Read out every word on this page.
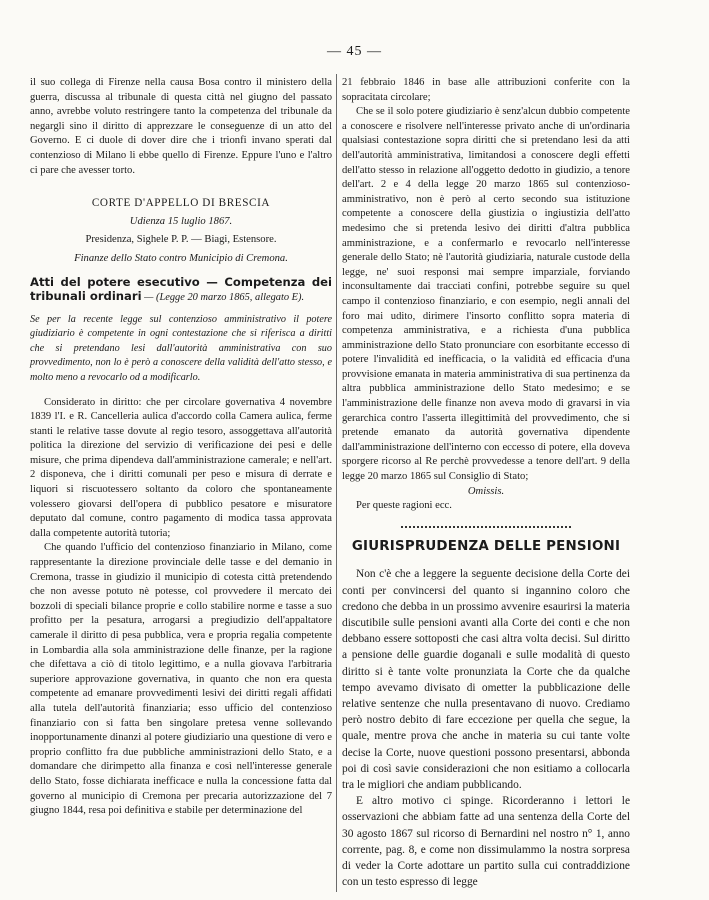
— 45 —

il suo collega di Firenze nella causa Bosa contro il ministero della guerra, discussa al tribunale di questa città nel giugno del passato anno, avrebbe voluto restringere tanto la competenza del tribunale da negargli sino il diritto di apprezzare le conseguenze di un atto del Governo. E ci duole di dover dire che i trionfi invano sperati dal contenzioso di Milano li ebbe quello di Firenze. Eppure l'uno e l'altro ci pare che avesser torto.

CORTE D'APPELLO DI BRESCIA

Udienza 15 luglio 1867.

Presidenza, Sighele P. P. — Biagi, Estensore.

Finanze dello Stato contro Municipio di Cremona.

Atti del potere esecutivo — Competenza dei tribunali ordinari — (Legge 20 marzo 1865, allegato E).

Se per la recente legge sul contenzioso amministrativo il potere giudiziario è competente in ogni contestazione che si riferisca a diritti che si pretendano lesi dall'autorità amministrativa con suo provvedimento, non lo è però a conoscere della validità dell'atto stesso, e molto meno a revocarlo od a modificarlo.

Considerato in diritto: che per circolare governativa 4 novembre 1839 l'I. e R. Cancelleria aulica d'accordo colla Camera aulica, ferme stanti le relative tasse dovute al regio tesoro, assoggettava all'autorità politica la direzione del servizio di verificazione dei pesi e delle misure, che prima dipendeva dall'amministrazione camerale; e nell'art. 2 disponeva, che i diritti comunali per peso e misura di derrate e liquori si riscuotessero soltanto da coloro che spontaneamente volessero giovarsi dell'opera di pubblico pesatore e misuratore deputato dal comune, contro pagamento di modica tassa approvata dalla competente autorità tutoria;

Che quando l'ufficio del contenzioso finanziario in Milano, come rappresentante la direzione provinciale delle tasse e del demanio in Cremona, trasse in giudizio il municipio di cotesta città pretendendo che non avesse potuto nè potesse, col provvedere il mercato dei bozzoli di speciali bilance proprie e collo stabilire norme e tasse a suo profitto per la pesatura, arrogarsi a pregiudizio dell'appaltatore camerale il diritto di pesa pubblica, vera e propria regalia competente in Lombardia alla sola amministrazione delle finanze, per la ragione che difettava a ciò di titolo legittimo, e a nulla giovava l'arbitraria superiore approvazione governativa, in quanto che non era questa competente ad emanare provvedimenti lesivi dei diritti regali affidati alla tutela dell'autorità finanziaria; esso ufficio del contenzioso finanziario con sì fatta ben singolare pretesa venne sollevando inopportunamente dinanzi al potere giudiziario una questione di vero e proprio conflitto fra due pubbliche amministrazioni dello Stato, e a domandare che dirimpetto alla finanza e così nell'interesse generale dello Stato, fosse dichiarata inefficace e nulla la concessione fatta dal governo al municipio di Cremona per precaria autorizzazione del 7 giugno 1844, resa poi definitiva e stabile per determinazione del

21 febbraio 1846 in base alle attribuzioni conferite con la sopracitata circolare;

Che se il solo potere giudiziario è senz'alcun dubbio competente a conoscere e risolvere nell'interesse privato anche di un'ordinaria qualsiasi contestazione sopra diritti che si pretendano lesi da atti dell'autorità amministrativa, limitandosi a conoscere degli effetti dell'atto stesso in relazione all'oggetto dedotto in giudizio, a tenore dell'art. 2 e 4 della legge 20 marzo 1865 sul contenzioso-amministrativo, non è però al certo secondo sua istituzione competente a conoscere della giustizia o ingiustizia dell'atto medesimo che si pretenda lesivo dei diritti d'altra pubblica amministrazione, e a confermarlo e revocarlo nell'interesse generale dello Stato; nè l'autorità giudiziaria, naturale custode della legge, ne' suoi responsi mai sempre imparziale, forviando inconsultamente dai tracciati confini, potrebbe seguire su quel campo il contenzioso finanziario, e con esempio, negli annali del foro mai udito, dirimere l'insorto conflitto sopra materia di competenza amministrativa, e a richiesta d'una pubblica amministrazione dello Stato pronunciare con esorbitante eccesso di potere l'invalidità ed inefficacia, o la validità ed efficacia d'una provvisione emanata in materia amministrativa di sua pertinenza da altra pubblica amministrazione dello Stato medesimo; e se l'amministrazione delle finanze non aveva modo di gravarsi in via gerarchica contro l'asserta illegittimità del provvedimento, che si pretende emanato da autorità governativa dipendente dall'amministrazione dell'interno con eccesso di potere, ella doveva sporgere ricorso al Re perchè provvedesse a tenore dell'art. 9 della legge 20 marzo 1865 sul Consiglio di Stato;

Omissis.

Per queste ragioni ecc.

GIURISPRUDENZA DELLE PENSIONI

Non c'è che a leggere la seguente decisione della Corte dei conti per convincersi del quanto si ingannino coloro che credono che debba in un prossimo avvenire esaurirsi la materia discutibile sulle pensioni avanti alla Corte dei conti e che non debbano essere sottoposti che casi altra volta decisi. Sul diritto a pensione delle guardie doganali e sulle modalità di questo diritto si è tante volte pronunziata la Corte che da qualche tempo avevamo divisato di ometter la pubblicazione delle relative sentenze che nulla presentavano di nuovo. Crediamo però nostro debito di fare eccezione per quella che segue, la quale, mentre prova che anche in materia su cui tante volte decise la Corte, nuove questioni possono presentarsi, abbonda poi di così savie considerazioni che non esitiamo a collocarla tra le migliori che andiam pubblicando.

E altro motivo ci spinge. Ricorderanno i lettori le osservazioni che abbiam fatte ad una sentenza della Corte del 30 agosto 1867 sul ricorso di Bernardini nel nostro n° 1, anno corrente, pag. 8, e come non dissimulammo la nostra sorpresa di veder la Corte adottare un partito sulla cui contraddizione con un testo espresso di legge
